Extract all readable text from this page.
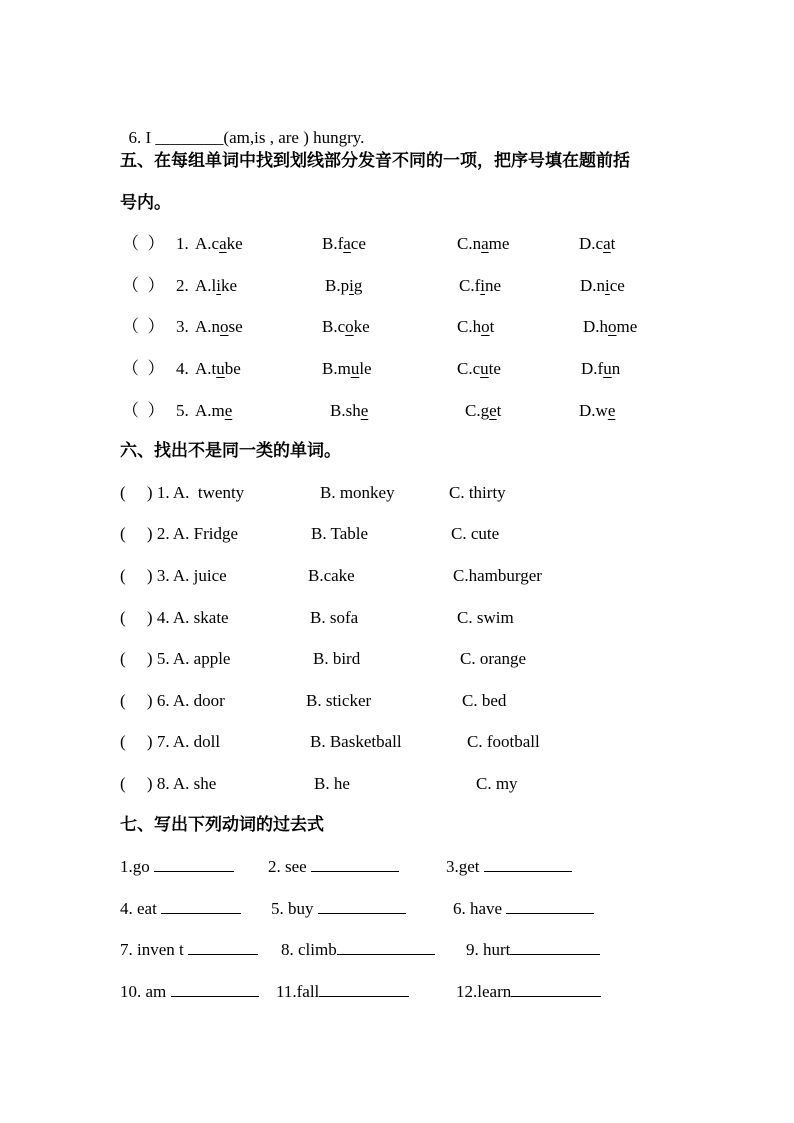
6. I ________(am,is , are ) hungry.

五、在每组单词中找到划线部分发音不同的一项，把序号填在题前括
号内。
（  ） 1. A.cake	B.face	C.name	D.cat
（  ） 2. A.like	B.pig	C.fine	D.nice
（  ） 3. A.nose	B.coke	C.hot	D.home
（  ） 4. A.tube	B.mule	C.cute	D.fun
（  ） 5. A.me	B.she	C.get	D.we
六、找出不是同一类的单词。
(     ) 1. A.  twenty	B. monkey	C. thirty
(     ) 2. A. Fridge	B. Table	C. cute
(     ) 3. A. juice	B.cake	C.hamburger
(     ) 4. A. skate	B. sofa	C. swim
(     ) 5. A. apple	B. bird	C. orange
(     ) 6. A. door	B. sticker	C. bed
(     ) 7. A. doll	B. Basketball	C. football
(     ) 8. A. she	B. he	C. my
七、写出下列动词的过去式
1.go	2. see	3.get
4. eat	5. buy	6. have
7. inven t	8. climb	9. hurt
10. am	11.fall	12.learn
